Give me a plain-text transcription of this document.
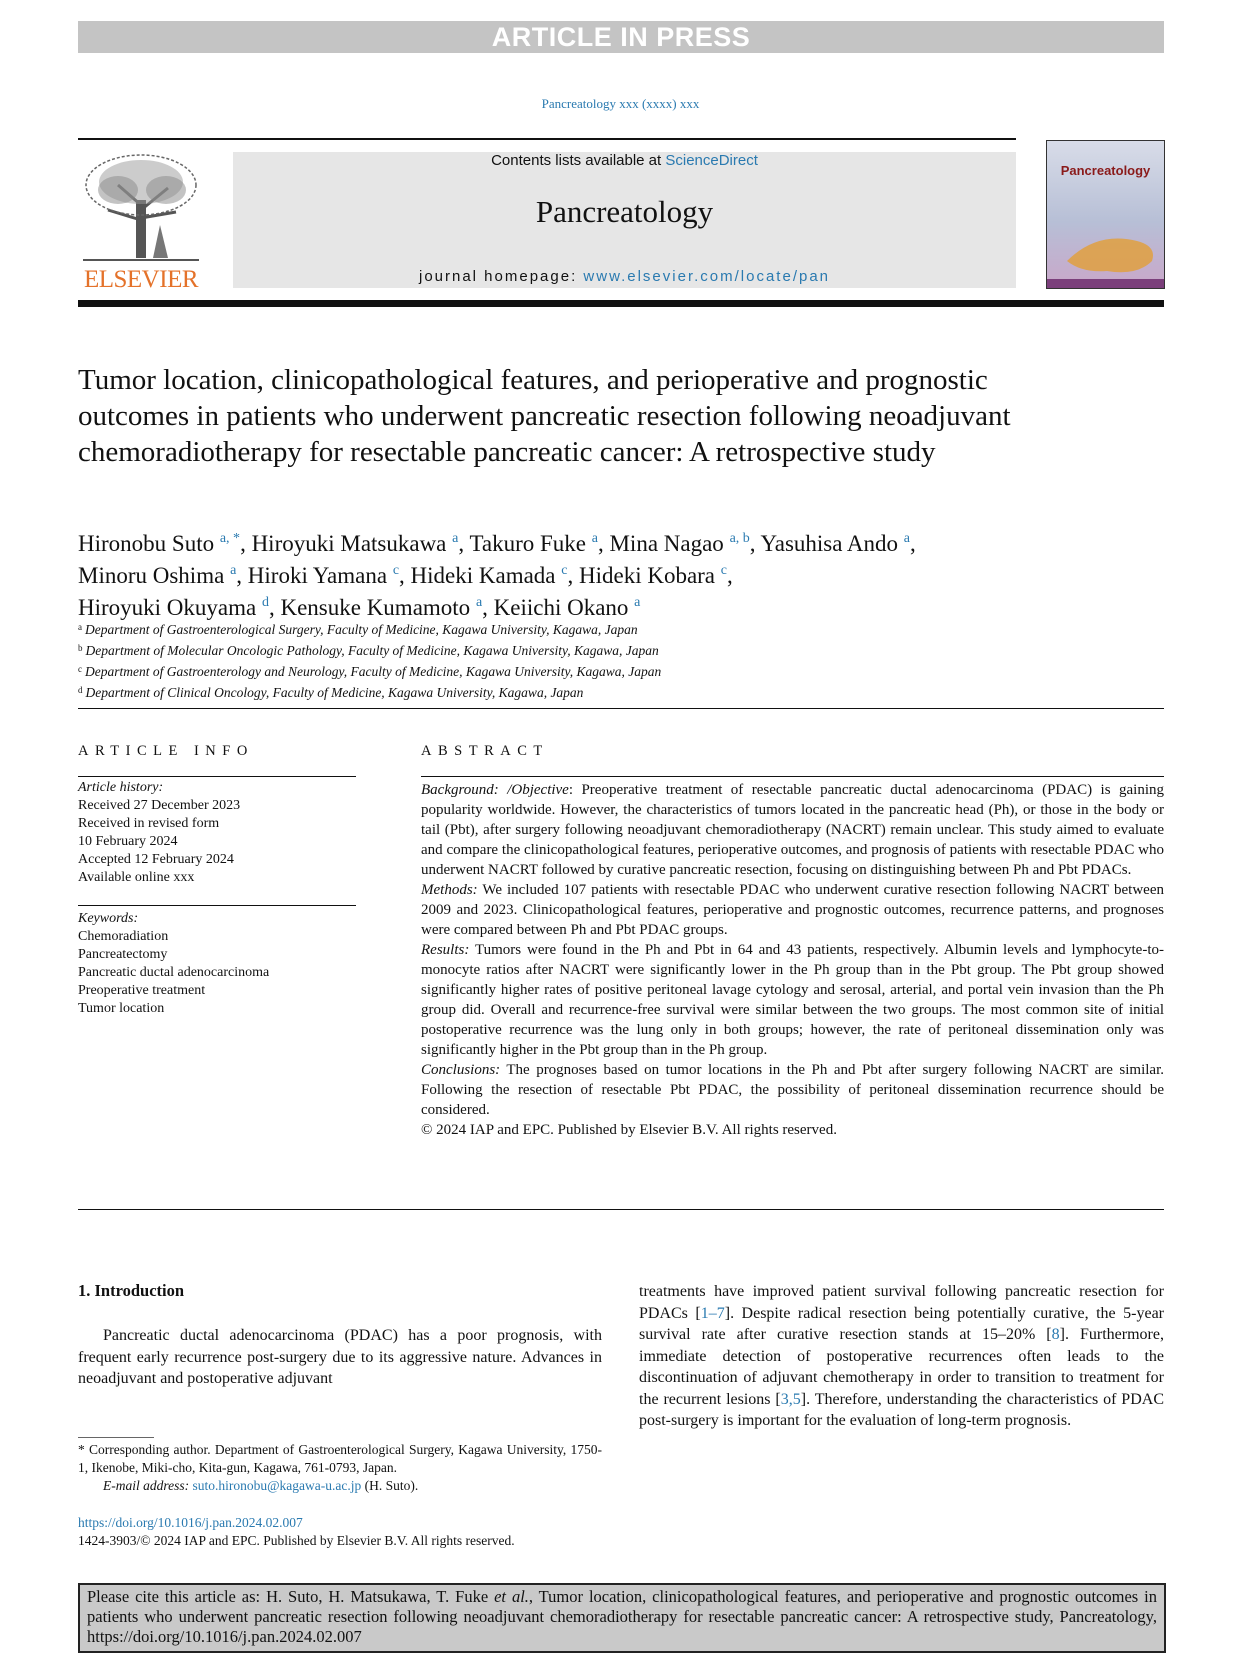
ARTICLE IN PRESS
Pancreatology xxx (xxxx) xxx
ELSEVIER
Contents lists available at ScienceDirect
Pancreatology
journal homepage: www.elsevier.com/locate/pan
Pancreatology
Tumor location, clinicopathological features, and perioperative and prognostic outcomes in patients who underwent pancreatic resection following neoadjuvant chemoradiotherapy for resectable pancreatic cancer: A retrospective study
Hironobu Suto $^{a, *}$, Hiroyuki Matsukawa $^a$, Takuro Fuke $^a$, Mina Nagao $^{a, b}$, Yasuhisa Ando $^a$,
Minoru Oshima $^a$, Hiroki Yamana $^c$, Hideki Kamada $^c$, Hideki Kobara $^c$,
Hiroyuki Okuyama $^d$, Kensuke Kumamoto $^a$, Keiichi Okano $^a$
$^a$ Department of Gastroenterological Surgery, Faculty of Medicine, Kagawa University, Kagawa, Japan
$^b$ Department of Molecular Oncologic Pathology, Faculty of Medicine, Kagawa University, Kagawa, Japan
$^c$ Department of Gastroenterology and Neurology, Faculty of Medicine, Kagawa University, Kagawa, Japan
$^d$ Department of Clinical Oncology, Faculty of Medicine, Kagawa University, Kagawa, Japan
ARTICLE INFO
Article history:
Received 27 December 2023
Received in revised form
10 February 2024
Accepted 12 February 2024
Available online xxx
Keywords:
Chemoradiation
Pancreatectomy
Pancreatic ductal adenocarcinoma
Preoperative treatment
Tumor location
ABSTRACT

Background: /Objective: Preoperative treatment of resectable pancreatic ductal adenocarcinoma (PDAC) is gaining popularity worldwide. However, the characteristics of tumors located in the pancreatic head (Ph), or those in the body or tail (Pbt), after surgery following neoadjuvant chemoradiotherapy (NACRT) remain unclear. This study aimed to evaluate and compare the clinicopathological features, perioperative outcomes, and prognosis of patients with resectable PDAC who underwent NACRT followed by curative pancreatic resection, focusing on distinguishing between Ph and Pbt PDACs.

Methods: We included 107 patients with resectable PDAC who underwent curative resection following NACRT between 2009 and 2023. Clinicopathological features, perioperative and prognostic outcomes, recurrence patterns, and prognoses were compared between Ph and Pbt PDAC groups.

Results: Tumors were found in the Ph and Pbt in 64 and 43 patients, respectively. Albumin levels and lymphocyte-to-monocyte ratios after NACRT were significantly lower in the Ph group than in the Pbt group. The Pbt group showed significantly higher rates of positive peritoneal lavage cytology and serosal, arterial, and portal vein invasion than the Ph group did. Overall and recurrence-free survival were similar between the two groups. The most common site of initial postoperative recurrence was the lung only in both groups; however, the rate of peritoneal dissemination only was significantly higher in the Pbt group than in the Ph group.

Conclusions: The prognoses based on tumor locations in the Ph and Pbt after surgery following NACRT are similar. Following the resection of resectable Pbt PDAC, the possibility of peritoneal dissemination recurrence should be considered.

© 2024 IAP and EPC. Published by Elsevier B.V. All rights reserved.

1. Introduction
Pancreatic ductal adenocarcinoma (PDAC) has a poor prognosis, with frequent early recurrence post-surgery due to its aggressive nature. Advances in neoadjuvant and postoperative adjuvant
treatments have improved patient survival following pancreatic resection for PDACs [1–7]. Despite radical resection being potentially curative, the 5-year survival rate after curative resection stands at 15–20% [8]. Furthermore, immediate detection of postoperative recurrences often leads to the discontinuation of adjuvant chemotherapy in order to transition to treatment for the recurrent lesions [3,5]. Therefore, understanding the characteristics of PDAC post-surgery is important for the evaluation of long-term prognosis.
* Corresponding author. Department of Gastroenterological Surgery, Kagawa University, 1750-1, Ikenobe, Miki-cho, Kita-gun, Kagawa, 761-0793, Japan.
E-mail address: suto.hironobu@kagawa-u.ac.jp (H. Suto).
https://doi.org/10.1016/j.pan.2024.02.007
1424-3903/© 2024 IAP and EPC. Published by Elsevier B.V. All rights reserved.
Please cite this article as: H. Suto, H. Matsukawa, T. Fuke et al., Tumor location, clinicopathological features, and perioperative and prognostic outcomes in patients who underwent pancreatic resection following neoadjuvant chemoradiotherapy for resectable pancreatic cancer: A retrospective study, Pancreatology, https://doi.org/10.1016/j.pan.2024.02.007
